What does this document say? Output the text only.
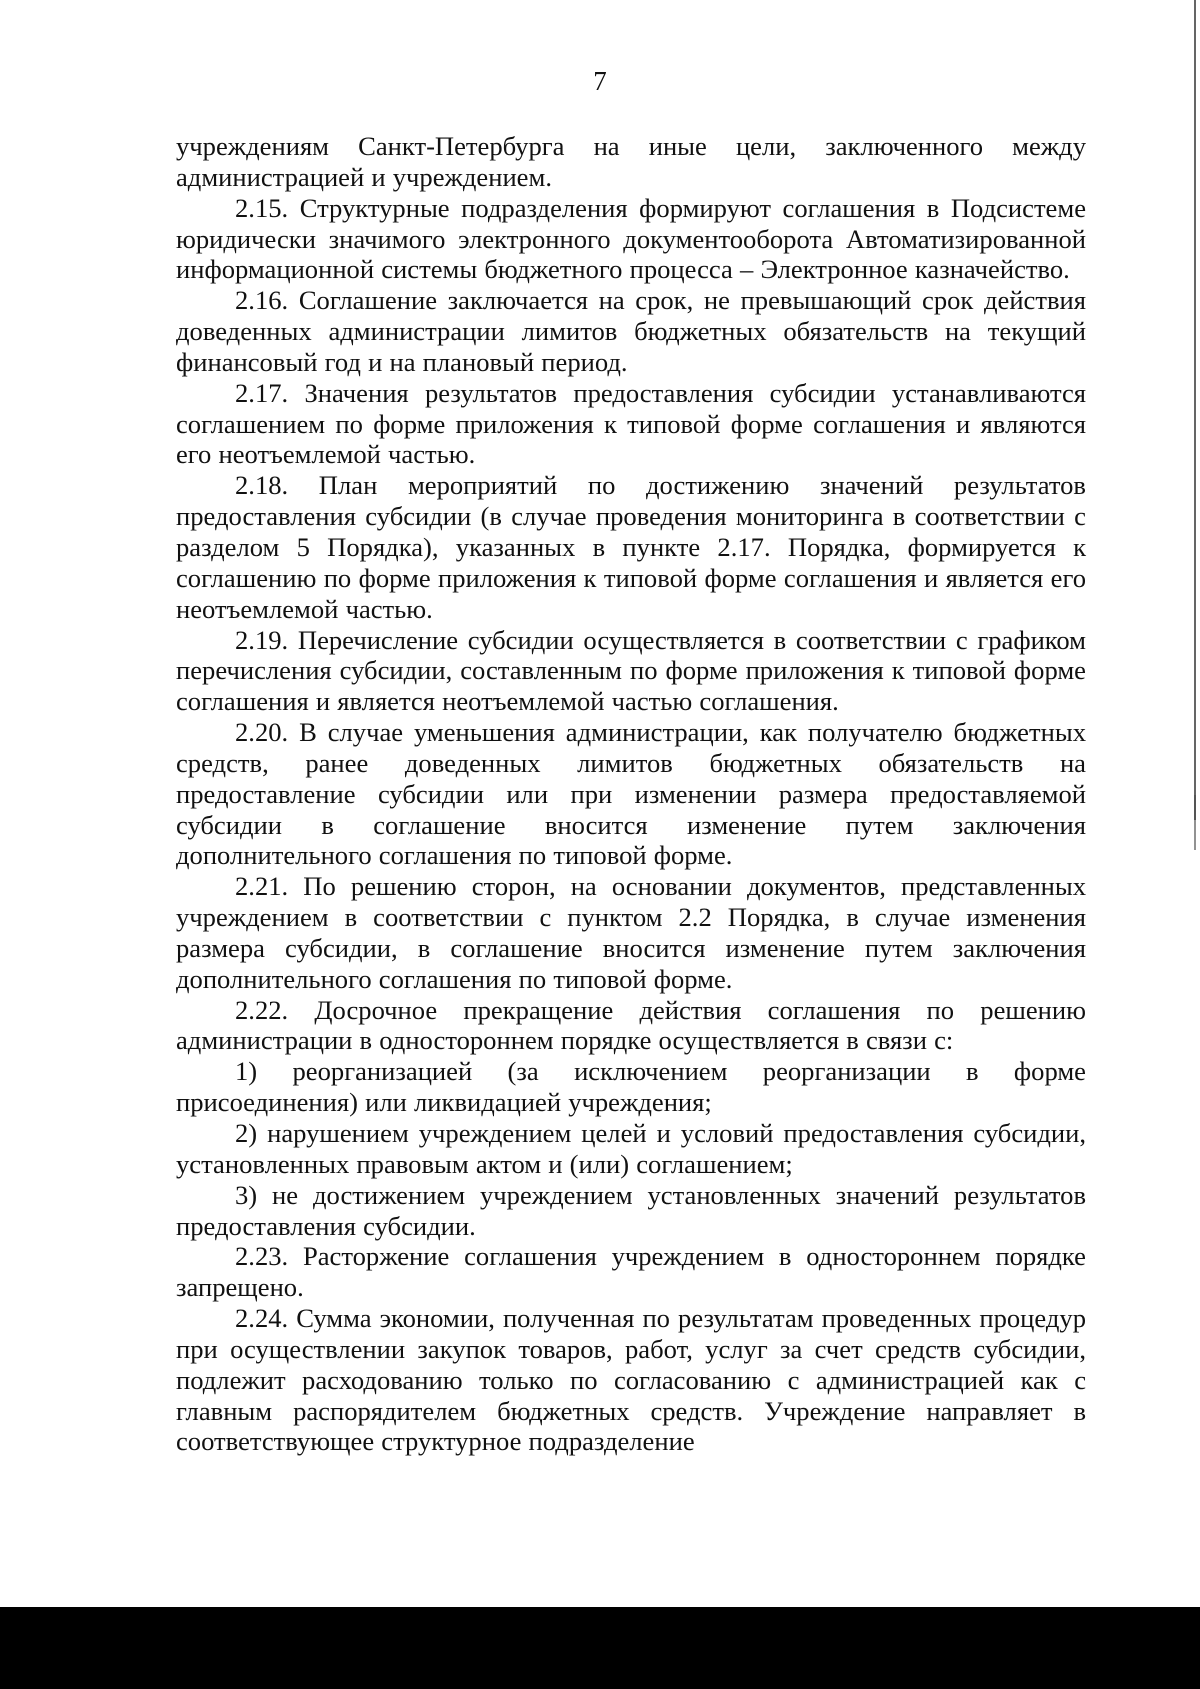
7

учреждениям Санкт-Петербурга на иные цели, заключенного между администрацией и учреждением.

2.15. Структурные подразделения формируют соглашения в Подсистеме юридически значимого электронного документооборота Автоматизированной информационной системы бюджетного процесса – Электронное казначейство.

2.16. Соглашение заключается на срок, не превышающий срок действия доведенных администрации лимитов бюджетных обязательств на текущий финансовый год и на плановый период.

2.17. Значения результатов предоставления субсидии устанавливаются соглашением по форме приложения к типовой форме соглашения и являются его неотъемлемой частью.

2.18. План мероприятий по достижению значений результатов предоставления субсидии (в случае проведения мониторинга в соответствии с разделом 5 Порядка), указанных в пункте 2.17. Порядка, формируется к соглашению по форме приложения к типовой форме соглашения и является его неотъемлемой частью.

2.19. Перечисление субсидии осуществляется в соответствии с графиком перечисления субсидии, составленным по форме приложения к типовой форме соглашения и является неотъемлемой частью соглашения.

2.20. В случае уменьшения администрации, как получателю бюджетных средств, ранее доведенных лимитов бюджетных обязательств на предоставление субсидии или при изменении размера предоставляемой субсидии в соглашение вносится изменение путем заключения дополнительного соглашения по типовой форме.

2.21. По решению сторон, на основании документов, представленных учреждением в соответствии с пунктом 2.2 Порядка, в случае изменения размера субсидии, в соглашение вносится изменение путем заключения дополнительного соглашения по типовой форме.

2.22. Досрочное прекращение действия соглашения по решению администрации в одностороннем порядке осуществляется в связи с:

1) реорганизацией (за исключением реорганизации в форме присоединения) или ликвидацией учреждения;

2) нарушением учреждением целей и условий предоставления субсидии, установленных правовым актом и (или) соглашением;

3) не достижением учреждением установленных значений результатов предоставления субсидии.

2.23. Расторжение соглашения учреждением в одностороннем порядке запрещено.

2.24. Сумма экономии, полученная по результатам проведенных процедур при осуществлении закупок товаров, работ, услуг за счет средств субсидии, подлежит расходованию только по согласованию с администрацией как с главным распорядителем бюджетных средств. Учреждение направляет в соответствующее структурное подразделение
